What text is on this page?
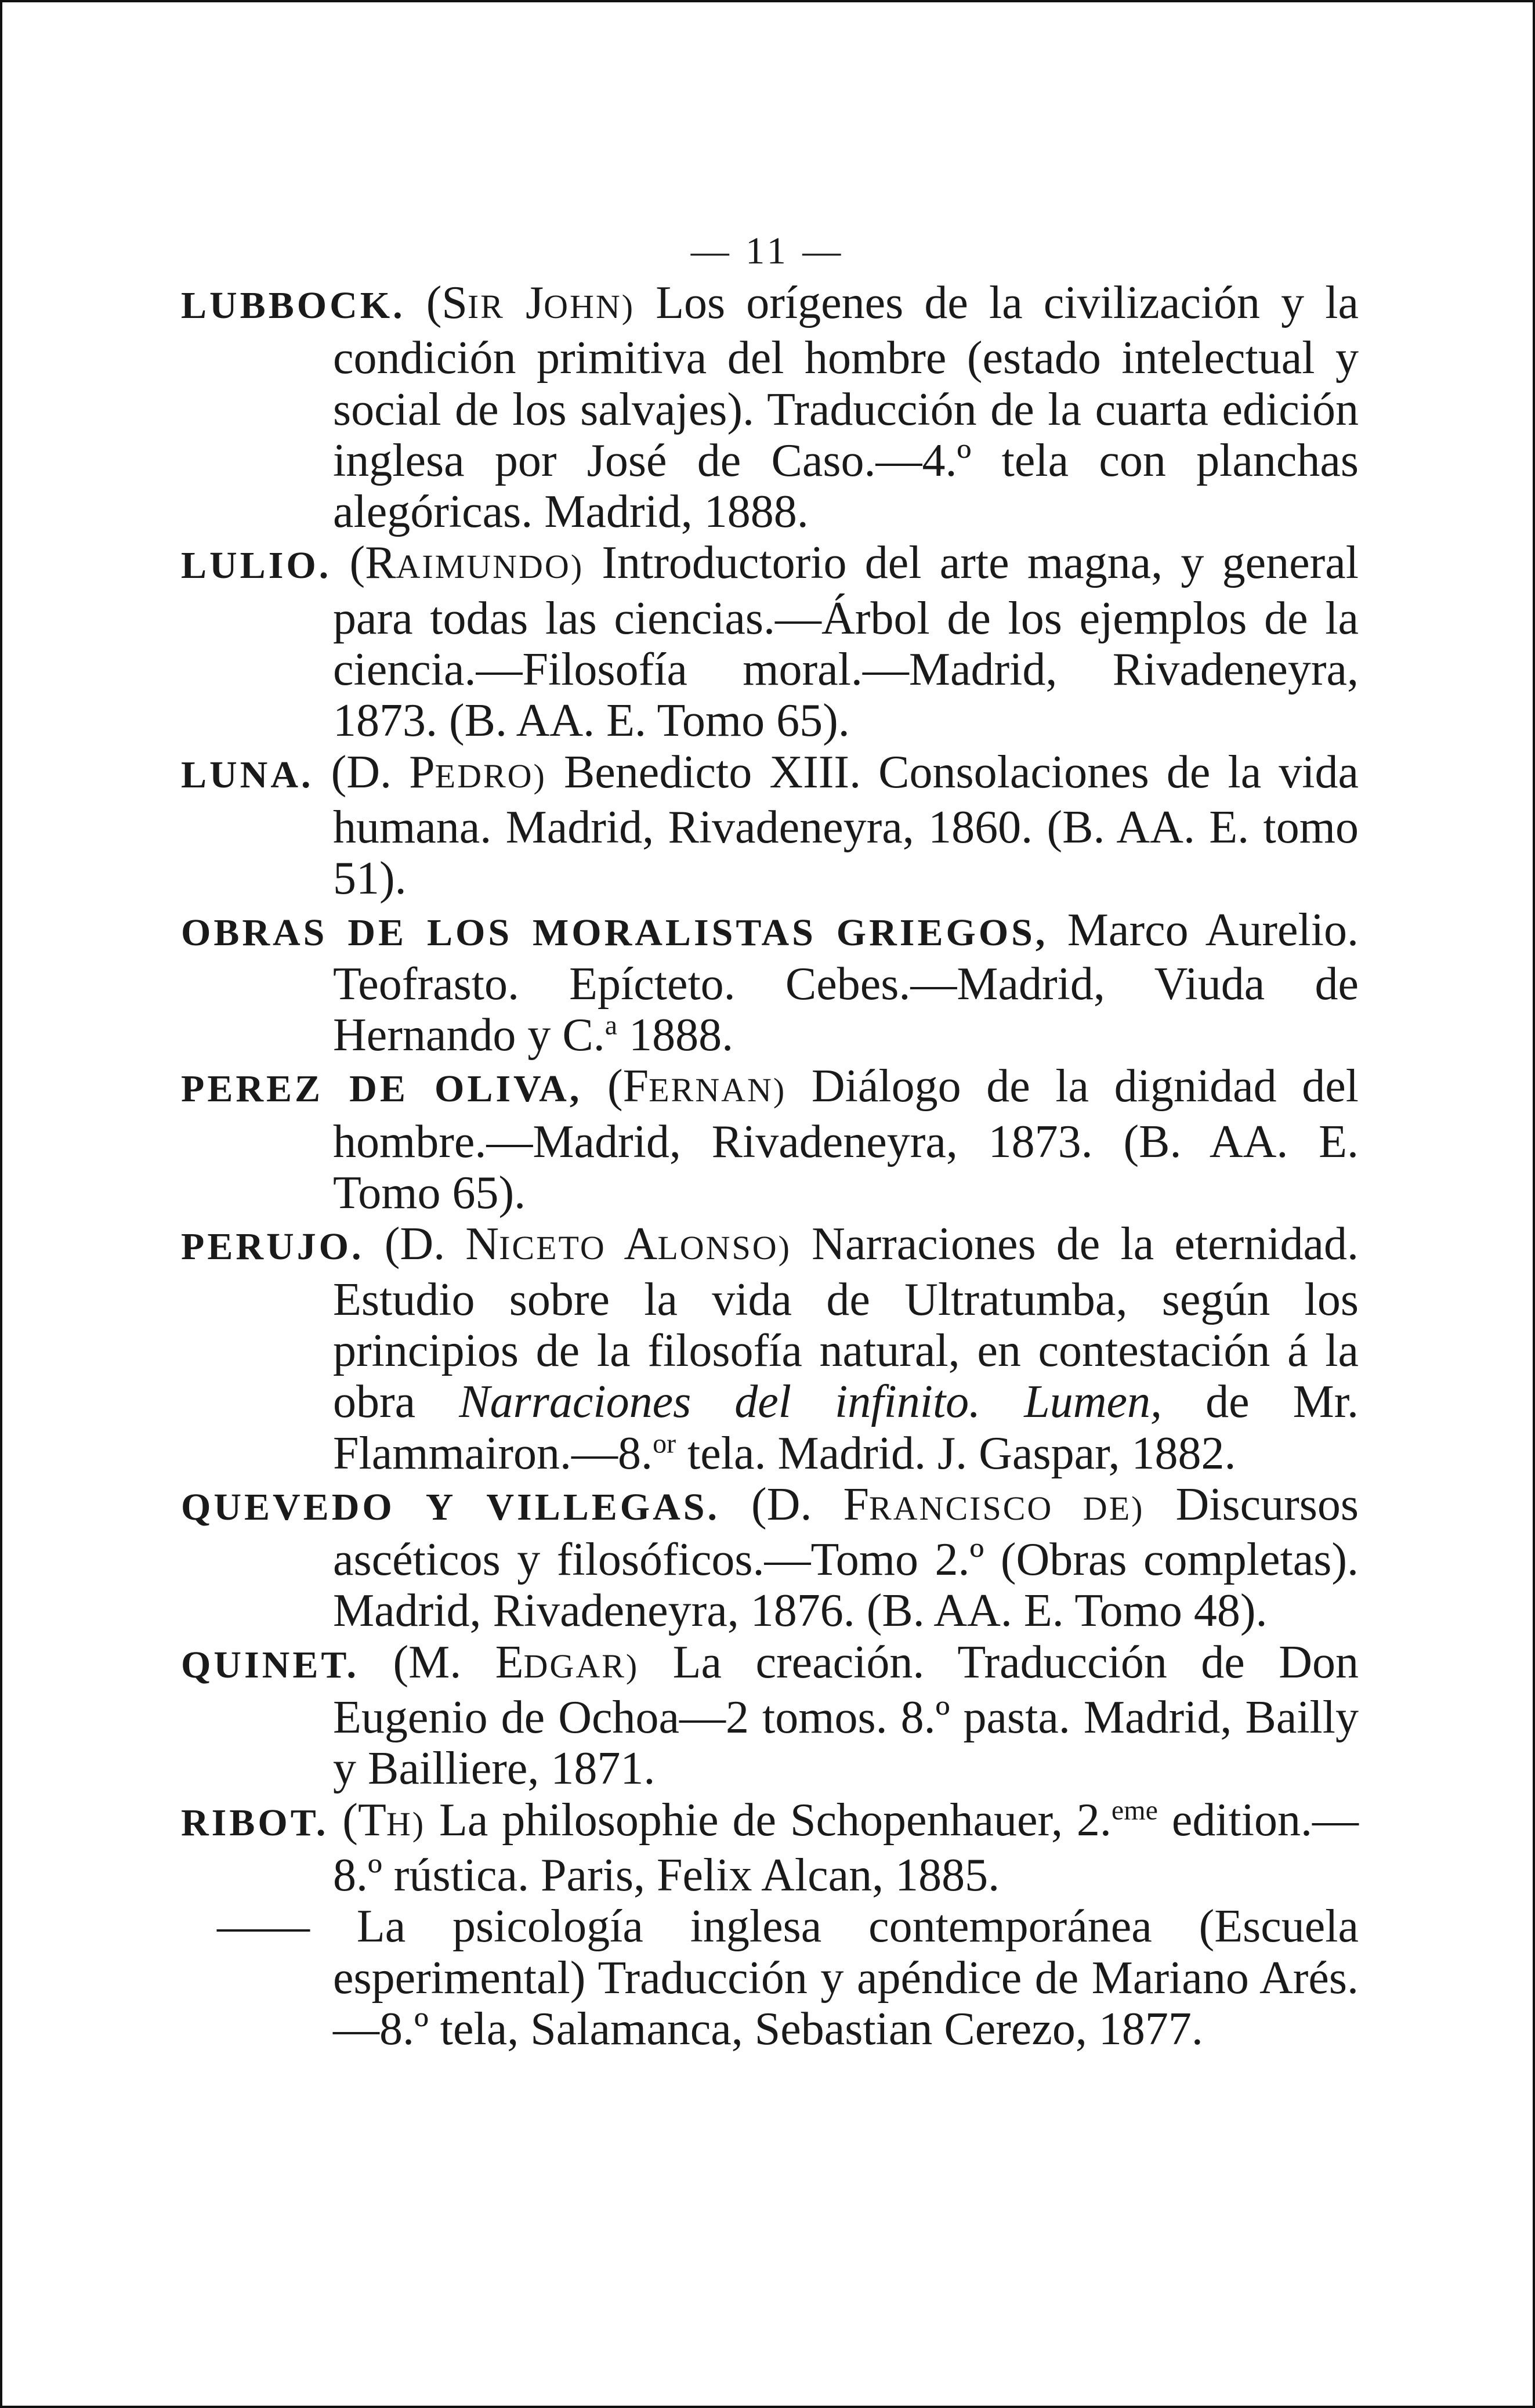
— 11 —

LUBBOCK. (SIR JOHN) Los orígenes de la civilización y la condición primitiva del hombre (estado intelectual y social de los salvajes). Traducción de la cuarta edición inglesa por José de Caso.—4.º tela con planchas alegóricas. Madrid, 1888.

LULIO. (RAIMUNDO) Introductorio del arte magna, y general para todas las ciencias.—Árbol de los ejemplos de la ciencia.—Filosofía moral.—Madrid, Rivadeneyra, 1873. (B. AA. E. Tomo 65).

LUNA. (D. PEDRO) Benedicto XIII. Consolaciones de la vida humana. Madrid, Rivadeneyra, 1860. (B. AA. E. tomo 51).

OBRAS DE LOS MORALISTAS GRIEGOS, Marco Aurelio. Teofrasto. Epícteto. Cebes.—Madrid, Viuda de Hernando y C.$^a$ 1888.

PEREZ DE OLIVA, (FERNAN) Diálogo de la dignidad del hombre.—Madrid, Rivadeneyra, 1873. (B. AA. E. Tomo 65).

PERUJO. (D. NICETO ALONSO) Narraciones de la eternidad. Estudio sobre la vida de Ultratumba, según los principios de la filosofía natural, en contestación á la obra Narraciones del infinito. Lumen, de Mr. Flammairon.—8.$^{or}$ tela. Madrid. J. Gaspar, 1882.

QUEVEDO Y VILLEGAS. (D. FRANCISCO DE) Discursos ascéticos y filosóficos.—Tomo 2.º (Obras completas). Madrid, Rivadeneyra, 1876. (B. AA. E. Tomo 48).

QUINET. (M. EDGAR) La creación. Traducción de Don Eugenio de Ochoa—2 tomos. 8.º pasta. Madrid, Bailly y Bailliere, 1871.

RIBOT. (TH) La philosophie de Schopenhauer, 2.$^{eme}$ edition.—8.º rústica. Paris, Felix Alcan, 1885.

—— La psicología inglesa contemporánea (Escuela esperimental) Traducción y apéndice de Mariano Arés.—8.º tela, Salamanca, Sebastian Cerezo, 1877.
